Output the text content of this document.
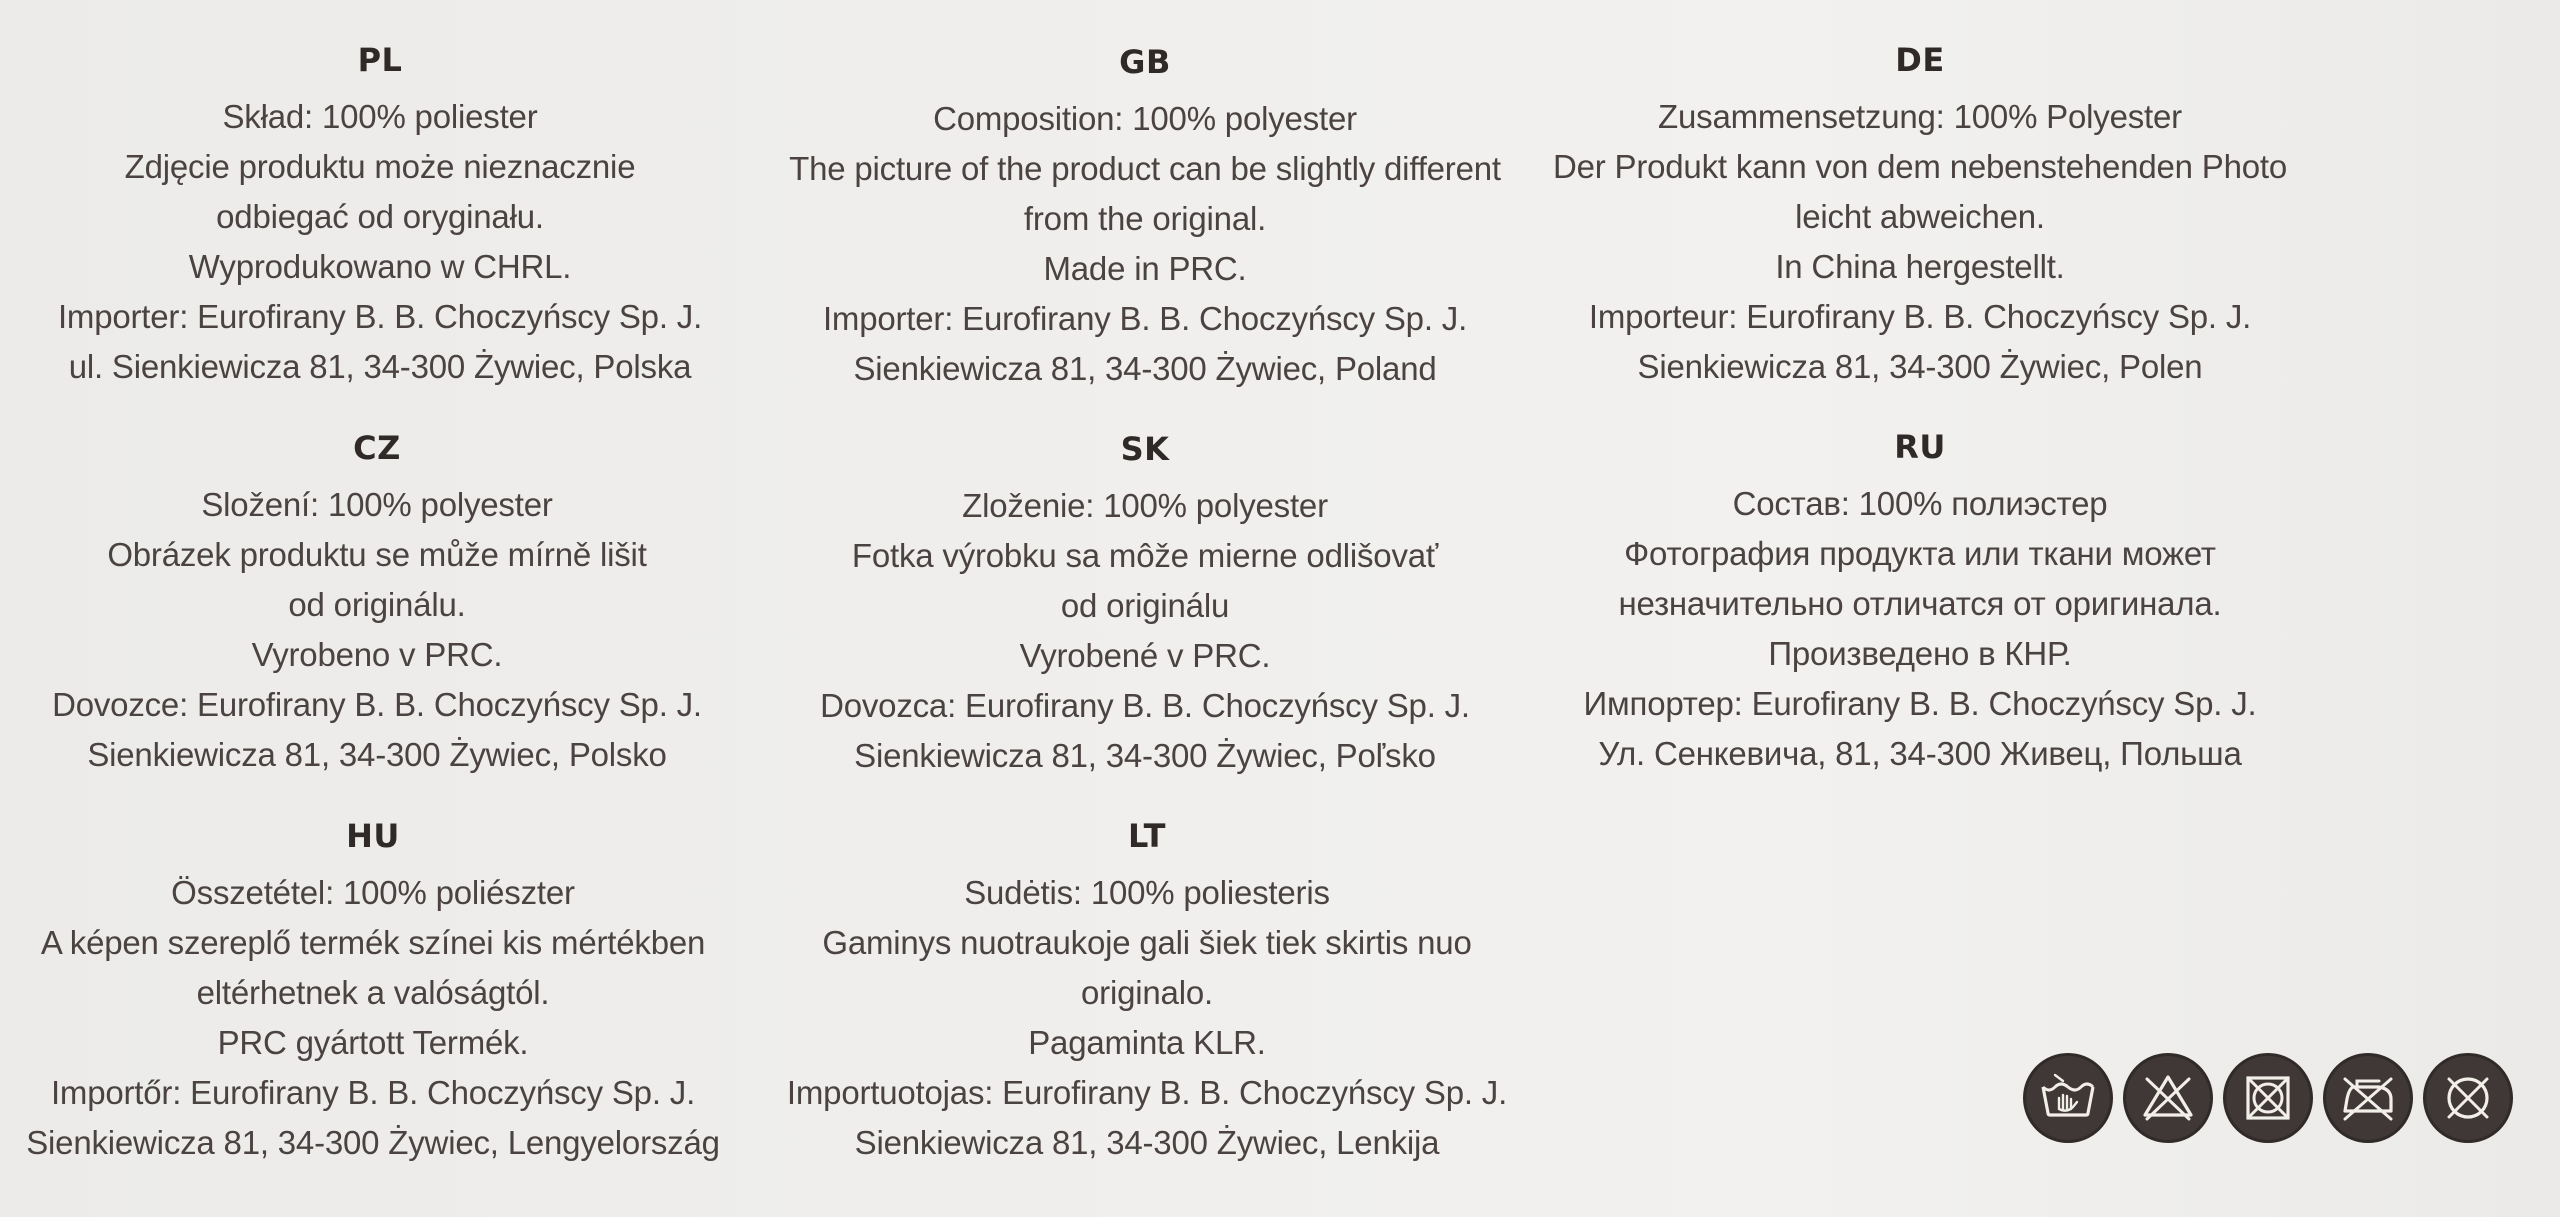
PL
Skład: 100% poliester
Zdjęcie produktu może nieznacznie
odbiegać od oryginału.
Wyprodukowano w CHRL.
Importer: Eurofirany B. B. Choczyńscy Sp. J.
ul. Sienkiewicza 81, 34-300 Żywiec, Polska
GB
Composition: 100% polyester
The picture of the product can be slightly different
from the original.
Made in PRC.
Importer: Eurofirany B. B. Choczyńscy Sp. J.
Sienkiewicza 81, 34-300 Żywiec, Poland
DE
Zusammensetzung: 100% Polyester
Der Produkt kann von dem nebenstehenden Photo
leicht abweichen.
In China hergestellt.
Importeur: Eurofirany B. B. Choczyńscy Sp. J.
Sienkiewicza 81, 34-300 Żywiec, Polen
CZ
Složení: 100% polyester
Obrázek produktu se může mírně lišit
od originálu.
Vyrobeno v PRC.
Dovozce: Eurofirany B. B. Choczyńscy Sp. J.
Sienkiewicza 81, 34-300 Żywiec, Polsko
SK
Zloženie: 100% polyester
Fotka výrobku sa môže mierne odlišovať
od originálu
Vyrobené v PRC.
Dovozca: Eurofirany B. B. Choczyńscy Sp. J.
Sienkiewicza 81, 34-300 Żywiec, Poľsko
RU
Состав: 100% полиэстер
Фотография продукта или ткани может
незначительно отличатся от оригинала.
Произведено в КНР.
Импортер: Eurofirany B. B. Choczyńscy Sp. J.
Ул. Сенкевича, 81, 34-300 Живец, Польша
HU
Összetétel: 100% poliészter
A képen szereplő termék színei kis mértékben
eltérhetnek a valóságtól.
PRC gyártott Termék.
Importőr: Eurofirany B. B. Choczyńscy Sp. J.
Sienkiewicza 81, 34-300 Żywiec, Lengyelország
LT
Sudėtis: 100% poliesteris
Gaminys nuotraukoje gali šiek tiek skirtis nuo
originalo.
Pagaminta KLR.
Importuotojas: Eurofirany B. B. Choczyńscy Sp. J.
Sienkiewicza 81, 34-300 Żywiec, Lenkija
